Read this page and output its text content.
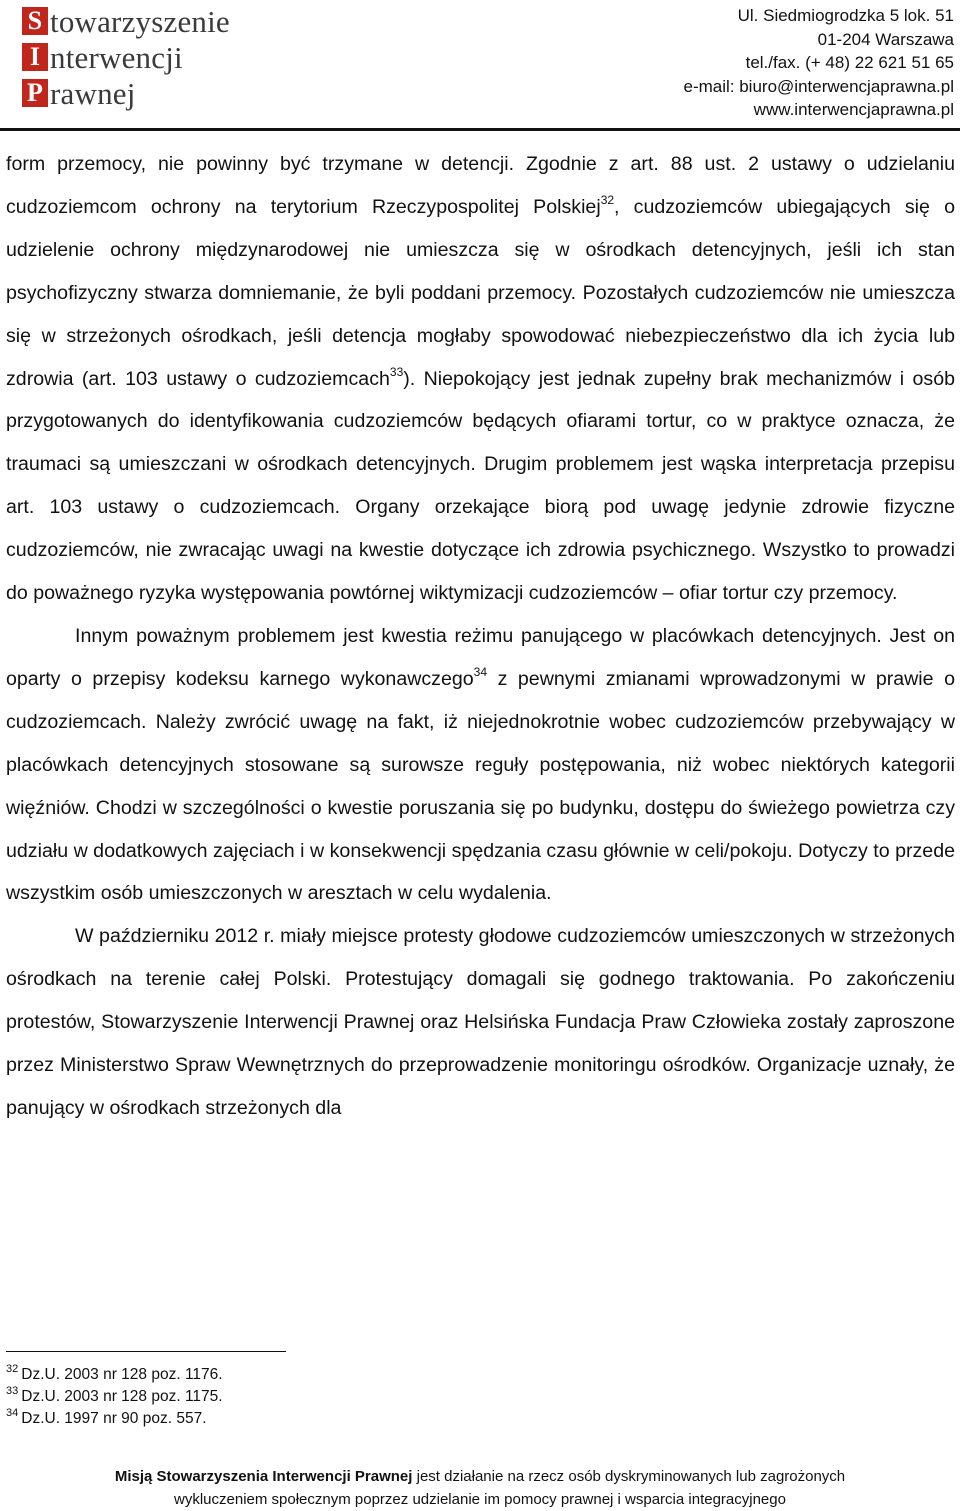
S towarzyszenie
I nterwencji
P rawnej
Ul. Siedmiogrodzka 5 lok. 51
01-204 Warszawa
tel./fax. (+ 48) 22 621 51 65
e-mail: biuro@interwencjaprawna.pl
www.interwencjaprawna.pl

form przemocy, nie powinny być trzymane w detencji. Zgodnie z art. 88 ust. 2 ustawy o udzielaniu cudzoziemcom ochrony na terytorium Rzeczypospolitej Polskiej$^{32}$, cudzoziemców ubiegających się o udzielenie ochrony międzynarodowej nie umieszcza się w ośrodkach detencyjnych, jeśli ich stan psychofizyczny stwarza domniemanie, że byli poddani przemocy. Pozostałych cudzoziemców nie umieszcza się w strzeżonych ośrodkach, jeśli detencja mogłaby spowodować niebezpieczeństwo dla ich życia lub zdrowia (art. 103 ustawy o cudzoziemcach$^{33}$). Niepokojący jest jednak zupełny brak mechanizmów i osób przygotowanych do identyfikowania cudzoziemców będących ofiarami tortur, co w praktyce oznacza, że traumaci są umieszczani w ośrodkach detencyjnych. Drugim problemem jest wąska interpretacja przepisu art. 103 ustawy o cudzoziemcach. Organy orzekające biorą pod uwagę jedynie zdrowie fizyczne cudzoziemców, nie zwracając uwagi na kwestie dotyczące ich zdrowia psychicznego. Wszystko to prowadzi do poważnego ryzyka występowania powtórnej wiktymizacji cudzoziemców – ofiar tortur czy przemocy.

Innym poważnym problemem jest kwestia reżimu panującego w placówkach detencyjnych. Jest on oparty o przepisy kodeksu karnego wykonawczego$^{34}$ z pewnymi zmianami wprowadzonymi w prawie o cudzoziemcach. Należy zwrócić uwagę na fakt, iż niejednokrotnie wobec cudzoziemców przebywający w placówkach detencyjnych stosowane są surowsze reguły postępowania, niż wobec niektórych kategorii więźniów. Chodzi w szczególności o kwestie poruszania się po budynku, dostępu do świeżego powietrza czy udziału w dodatkowych zajęciach i w konsekwencji spędzania czasu głównie w celi/pokoju. Dotyczy to przede wszystkim osób umieszczonych w aresztach w celu wydalenia.

W październiku 2012 r. miały miejsce protesty głodowe cudzoziemców umieszczonych w strzeżonych ośrodkach na terenie całej Polski. Protestujący domagali się godnego traktowania. Po zakończeniu protestów, Stowarzyszenie Interwencji Prawnej oraz Helsińska Fundacja Praw Człowieka zostały zaproszone przez Ministerstwo Spraw Wewnętrznych do przeprowadzenie monitoringu ośrodków. Organizacje uznały, że panujący w ośrodkach strzeżonych dla

$^{32}$ Dz.U. 2003 nr 128 poz. 1176.
$^{33}$ Dz.U. 2003 nr 128 poz. 1175.
$^{34}$ Dz.U. 1997 nr 90 poz. 557.
Misją Stowarzyszenia Interwencji Prawnej jest działanie na rzecz osób dyskryminowanych lub zagrożonych
wykluczeniem społecznym poprzez udzielanie im pomocy prawnej i wsparcia integracyjnego
